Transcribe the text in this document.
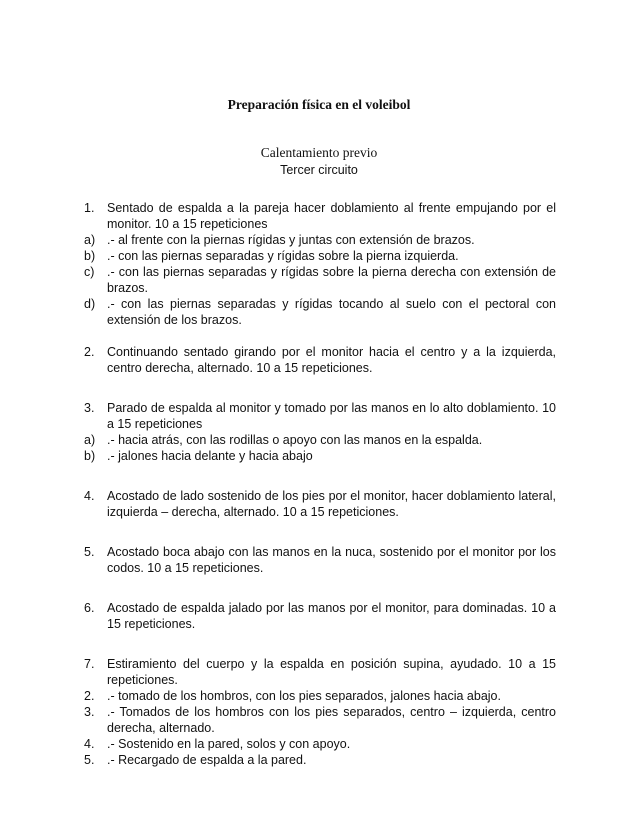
Preparación física en el voleibol

Calentamiento previo

Tercer circuito

1. Sentado de espalda a la pareja hacer doblamiento al frente empujando por el monitor. 10 a 15 repeticiones
a) .- al frente con la piernas rígidas y juntas con extensión de brazos.
b) .- con las piernas separadas y rígidas sobre la pierna izquierda.
c) .- con las piernas separadas y rígidas sobre la pierna derecha con extensión de brazos.
d) .- con las piernas separadas y rígidas tocando al suelo con el pectoral con extensión de los brazos.
2. Continuando sentado girando por el monitor hacia el centro y a la izquierda, centro derecha, alternado. 10 a 15 repeticiones.
3. Parado de espalda al monitor y tomado por las manos en lo alto doblamiento. 10 a 15 repeticiones
a) .- hacia atrás, con las rodillas o apoyo con las manos en la espalda.
b) .- jalones hacia delante y hacia abajo
4. Acostado de lado sostenido de los pies por el monitor, hacer doblamiento lateral, izquierda – derecha, alternado. 10 a 15 repeticiones.
5. Acostado boca abajo con las manos en la nuca, sostenido por el monitor por los codos. 10 a 15 repeticiones.
6. Acostado de espalda jalado por las manos por el monitor, para dominadas. 10 a 15 repeticiones.
7. Estiramiento del cuerpo y la espalda en posición supina, ayudado. 10 a 15 repeticiones.
2. .- tomado de los hombros, con los pies separados, jalones hacia abajo.
3. .- Tomados de los hombros con los pies separados, centro – izquierda, centro derecha, alternado.
4. .- Sostenido en la pared, solos y con apoyo.
5. .- Recargado de espalda a la pared.
